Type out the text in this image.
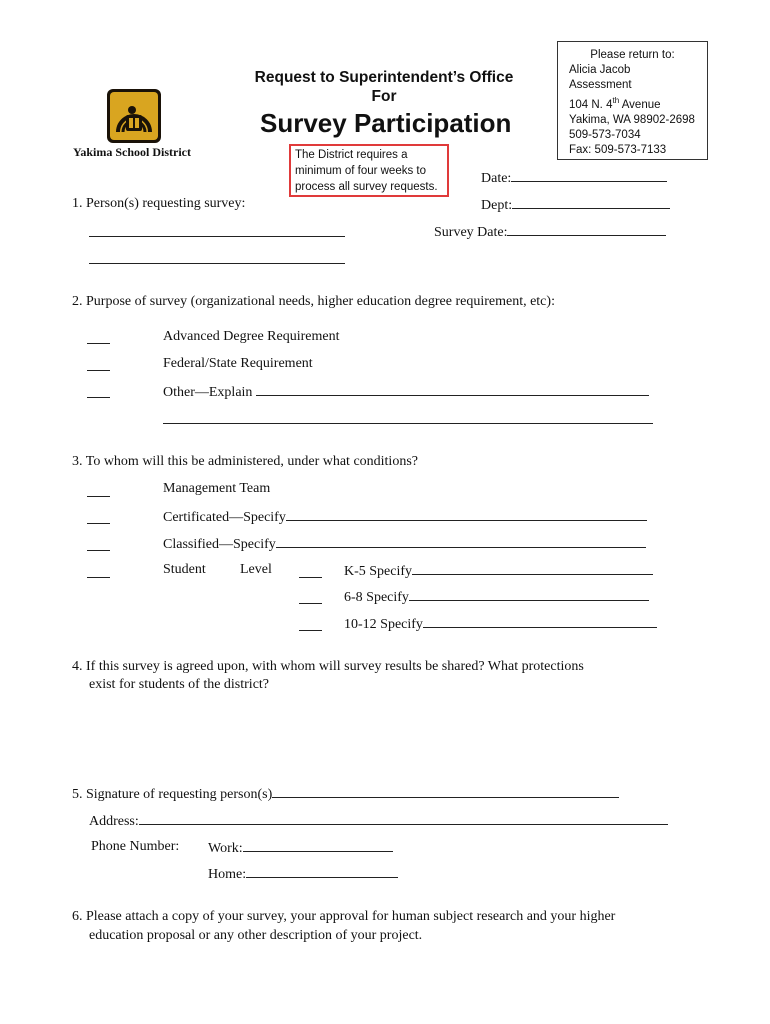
Please return to:
Alicia Jacob
Assessment
104 N. 4th Avenue
Yakima, WA 98902-2698
509-573-7034
Fax: 509-573-7133
Request to Superintendent’s Office
For
Survey Participation
Yakima School District	The District requires a minimum of four weeks to process all survey requests.
Date:
Dept:
Survey Date:
1. Person(s) requesting survey:
2. Purpose of survey (organizational needs, higher education degree requirement, etc):
Advanced Degree Requirement
Federal/State Requirement
Other—Explain
3. To whom will this be administered, under what conditions?
Management Team
Certificated—Specify
Classified—Specify
Student Level	K-5 Specify
6-8 Specify
10-12 Specify
4. If this survey is agreed upon, with whom will survey results be shared? What protections
exist for students of the district?
5. Signature of requesting person(s)
Address:
Phone Number: Work:
Home:
6. Please attach a copy of your survey, your approval for human subject research and your higher
education proposal or any other description of your project.
